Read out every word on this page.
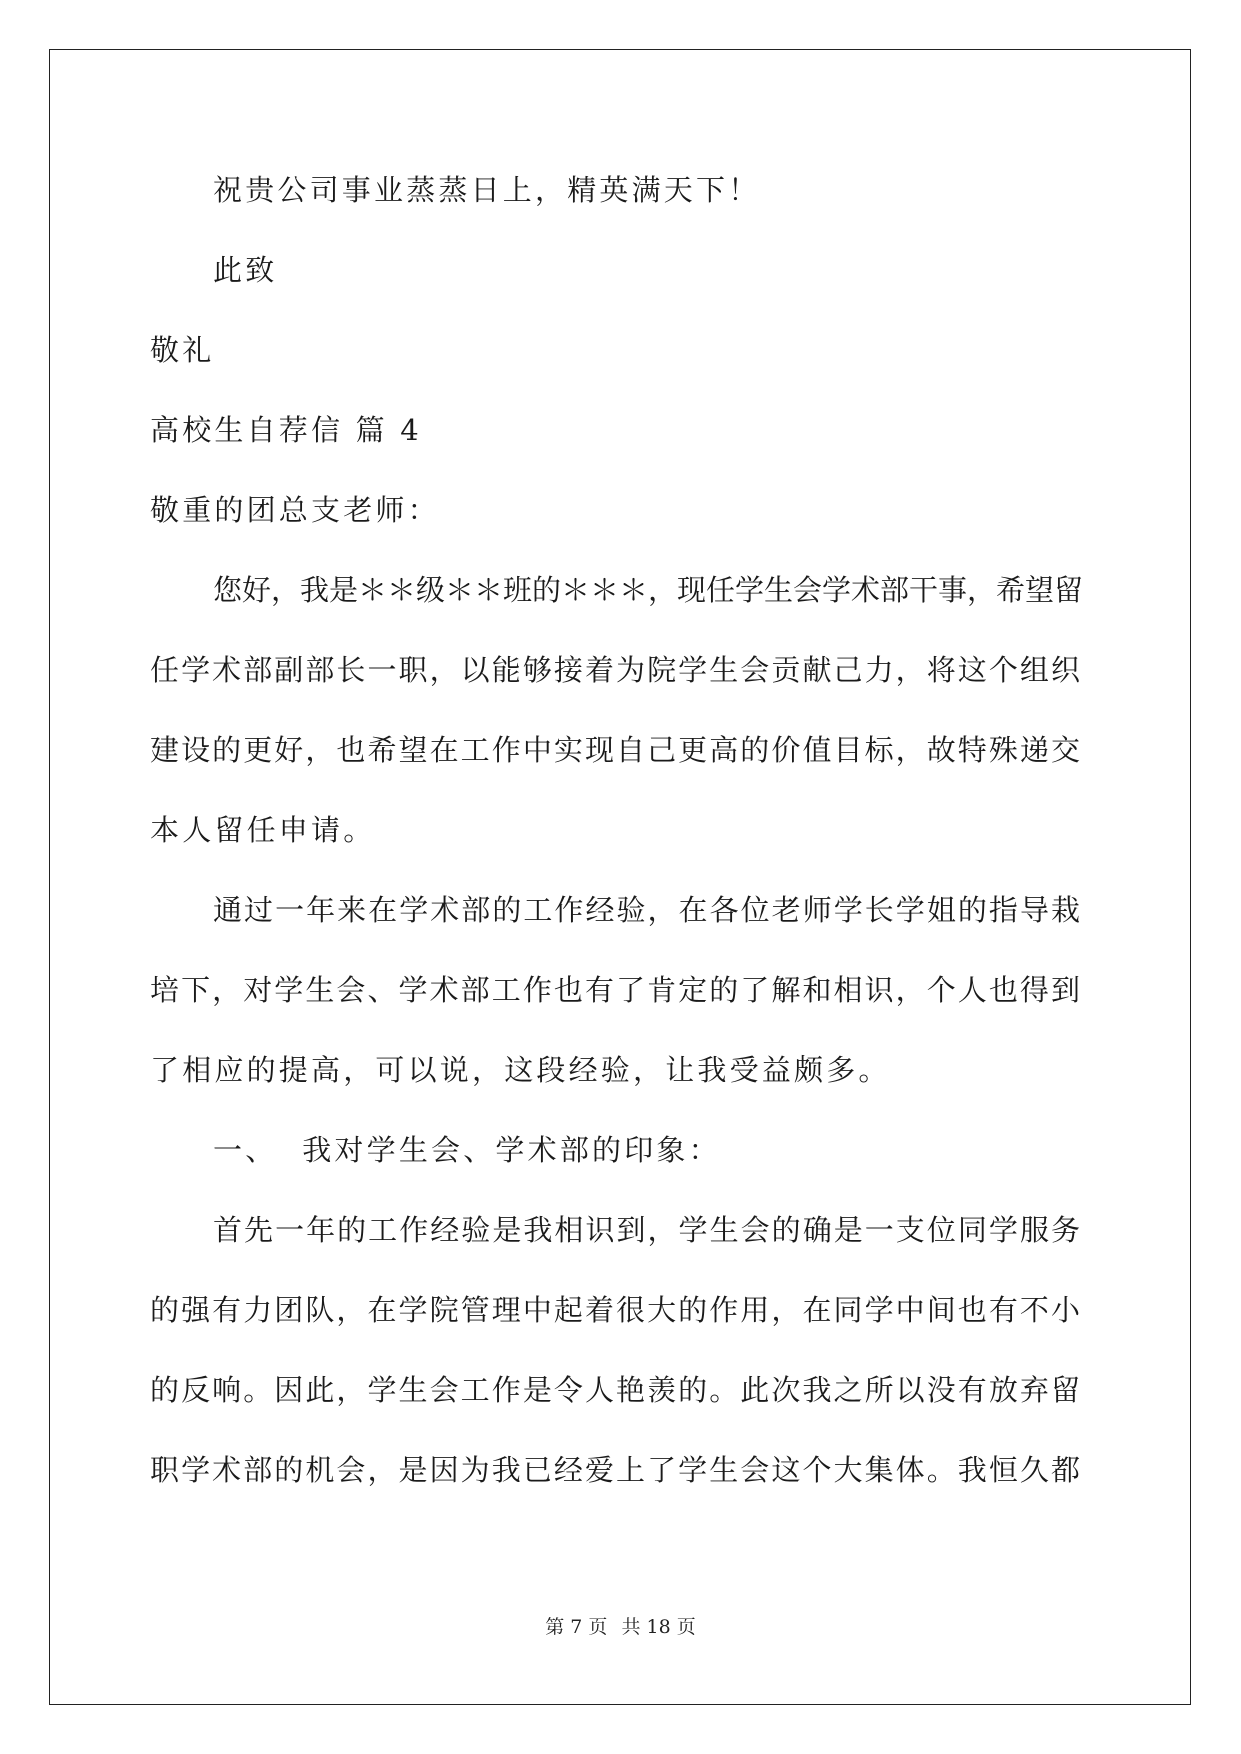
祝贵公司事业蒸蒸日上，精英满天下！

此致

敬礼

高校生自荐信 篇 4

敬重的团总支老师：

您好，我是＊＊级＊＊班的＊＊＊，现任学生会学术部干事，希望留

任学术部副部长一职，以能够接着为院学生会贡献己力，将这个组织

建设的更好，也希望在工作中实现自己更高的价值目标，故特殊递交

本人留任申请。

通过一年来在学术部的工作经验，在各位老师学长学姐的指导栽

培下，对学生会、学术部工作也有了肯定的了解和相识，个人也得到

了相应的提高，可以说，这段经验，让我受益颇多。

一、  我对学生会、学术部的印象：

首先一年的工作经验是我相识到，学生会的确是一支位同学服务

的强有力团队，在学院管理中起着很大的作用，在同学中间也有不小

的反响。因此，学生会工作是令人艳羡的。此次我之所以没有放弃留

职学术部的机会，是因为我已经爱上了学生会这个大集体。我恒久都

第 7 页 共 18 页
